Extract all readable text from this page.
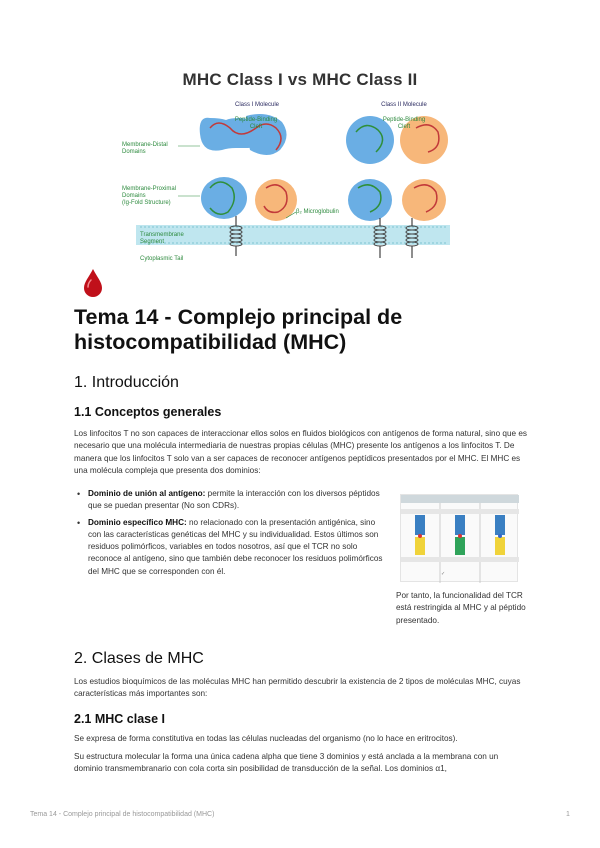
MHC Class I vs MHC Class II
Class I Molecule	Class II Molecule
Peptide-Binding
Cleft
Peptide-Binding
Cleft
Membrane-Distal
Domains
Membrane-Proximal
Domains
(Ig-Fold Structure)
β₂ Microglobulin
Transmembrane
Segment
Cytoplasmic Tail
Tema 14 - Complejo principal de histocompatibilidad (MHC)
1. Introducción
1.1 Conceptos generales

Los linfocitos T no son capaces de interaccionar ellos solos en fluidos biológicos con antígenos de forma natural, sino que es necesario que una molécula intermediaria de nuestras propias células (MHC) presente los antígenos a los linfocitos T. De manera que los linfocitos T solo van a ser capaces de reconocer antígenos peptídicos presentados por el MHC. El MHC es una molécula compleja que presenta dos dominios:

• Dominio de unión al antígeno: permite la interacción con los diversos péptidos que se puedan presentar (No son CDRs).
• Dominio específico MHC: no relacionado con la presentación antigénica, sino con las características genéticas del MHC y su individualidad. Estos últimos son residuos polimórficos, variables en todos nosotros, así que el TCR no solo reconoce al antígeno, sino que también debe reconocer los residuos polimórficos del MHC que se corresponden con él.	✓

Por tanto, la funcionalidad del TCR está restringida al MHC y al péptido presentado.

2. Clases de MHC

Los estudios bioquímicos de las moléculas MHC han permitido descubrir la existencia de 2 tipos de moléculas MHC, cuyas características más importantes son:

2.1 MHC clase I

Se expresa de forma constitutiva en todas las células nucleadas del organismo (no lo hace en eritrocitos).

Su estructura molecular la forma una única cadena alpha que tiene 3 dominios y está anclada a la membrana con un dominio transmembranario con cola corta sin posibilidad de transducción de la señal. Los dominios α1,

Tema 14 - Complejo principal de histocompatibilidad (MHC)	1
